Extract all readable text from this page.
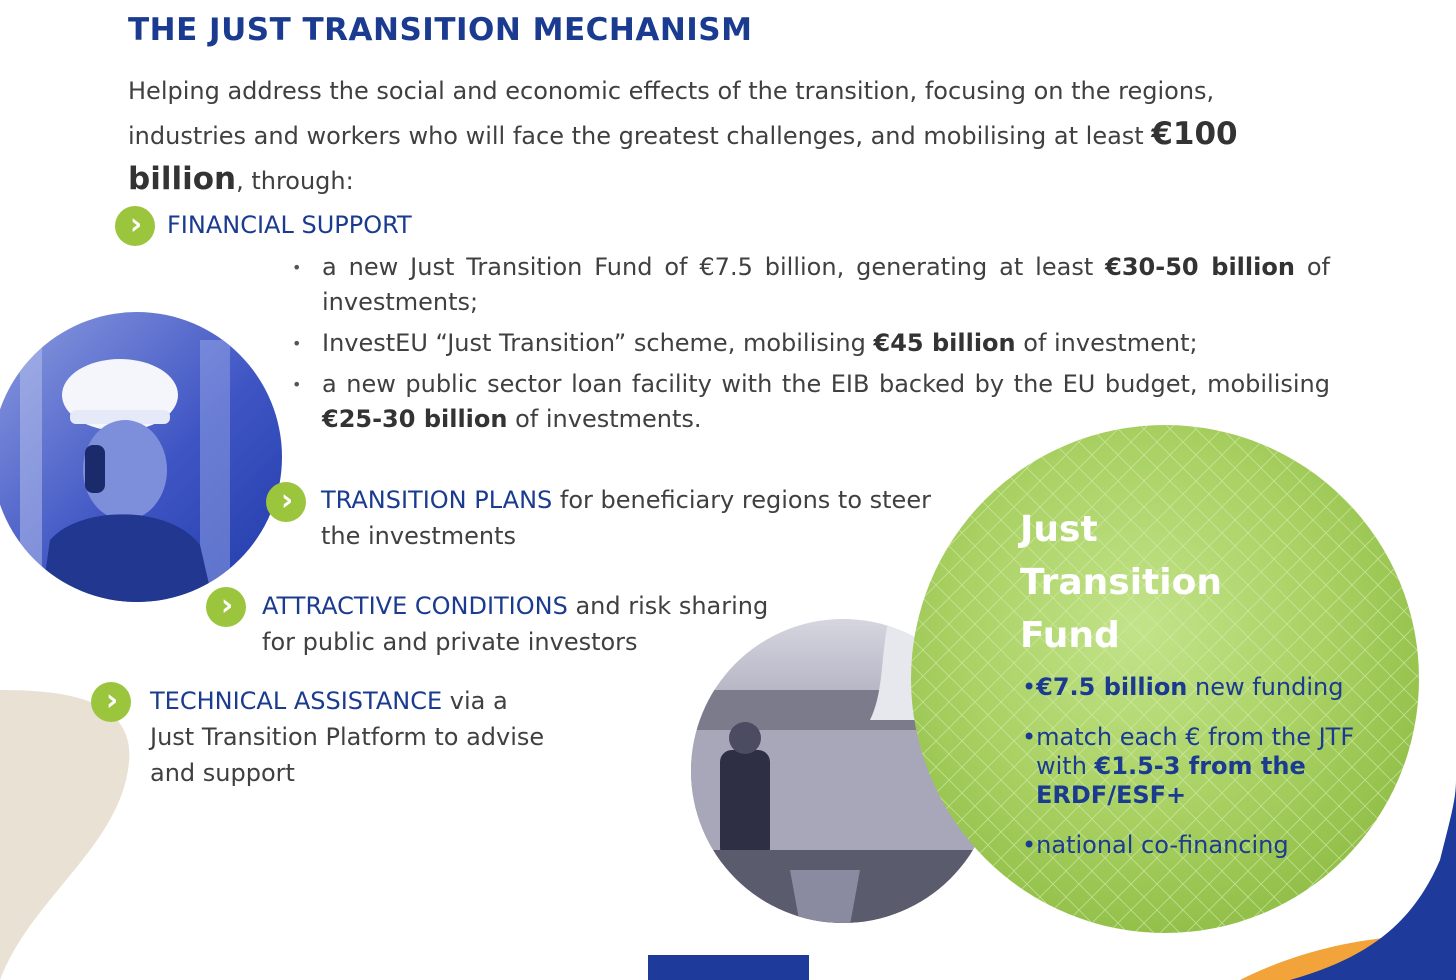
THE JUST TRANSITION MECHANISM
Helping address the social and economic effects of the transition, focusing on the regions, industries and workers who will face the greatest challenges, and mobilising at least €100 billion, through:
› FINANCIAL SUPPORT
• a new Just Transition Fund of €7.5 billion, generating at least €30-50 billion of investments;
• InvestEU “Just Transition” scheme, mobilising €45 billion of investment;
• a new public sector loan facility with the EIB backed by the EU budget, mobilising €25-30 billion of investments.
› TRANSITION PLANS for beneficiary regions to steer
the investments
› ATTRACTIVE CONDITIONS and risk sharing
for public and private investors
› TECHNICAL ASSISTANCE via a
Just Transition Platform to advise
and support
Just
Transition
Fund
•€7.5 billion new funding
•match each € from the JTF with €1.5-3 from the ERDF/ESF+
•national co-financing
